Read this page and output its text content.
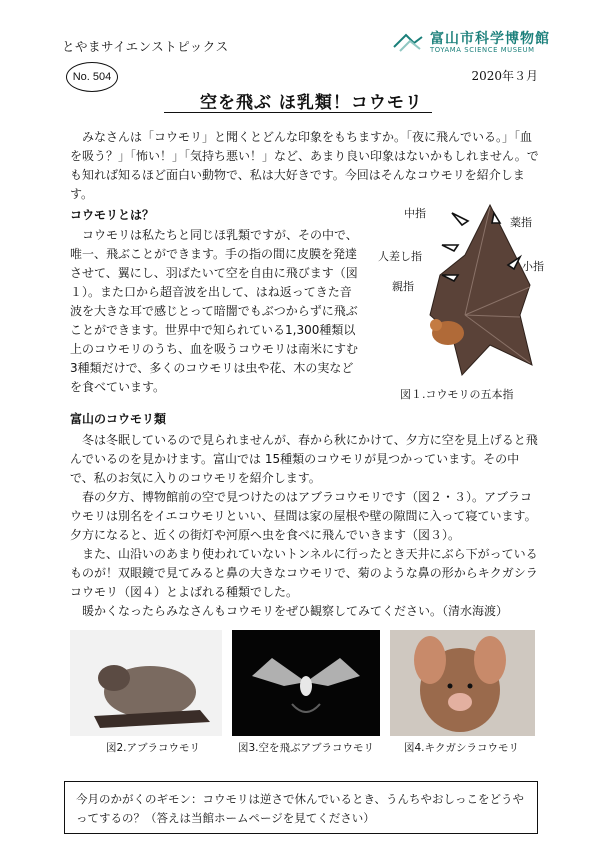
とやまサイエンストピックス	富山市科学博物館
TOYAMA SCIENCE MUSEUM
2020年３月
No. 504
空を飛ぶ ほ乳類！コウモリ
みなさんは「コウモリ」と聞くとどんな印象をもちますか。「夜に飛んでいる。」「血を吸う？」「怖い！」「気持ち悪い！」など、あまり良い印象はないかもしれません。でも知れば知るほど面白い動物で、私は大好きです。今回はそんなコウモリを紹介します。
コウモリとは？
コウモリは私たちと同じほ乳類ですが、その中で、唯一、飛ぶことができます。手の指の間に皮膜を発達させて、翼にし、羽ばたいて空を自由に飛びます（図１）。また口から超音波を出して、はね返ってきた音波を大きな耳で感じとって暗闇でもぶつからずに飛ぶことができます。世界中で知られている1,300種類以上のコウモリのうち、血を吸うコウモリは南米にすむ3種類だけで、多くのコウモリは虫や花、木の実などを食べています。
中指
薬指
人差し指
小指
親指
図１.コウモリの五本指
富山のコウモリ類
冬は冬眠しているので見られませんが、春から秋にかけて、夕方に空を見上げると飛んでいるのを見かけます。富山では 15種類のコウモリが見つかっています。その中で、私のお気に入りのコウモリを紹介します。
春の夕方、博物館前の空で見つけたのはアブラコウモリです（図２・３）。アブラコウモリは別名をイエコウモリといい、昼間は家の屋根や壁の隙間に入って寝ています。夕方になると、近くの街灯や河原へ虫を食べに飛んでいきます（図３）。
また、山沿いのあまり使われていないトンネルに行ったとき天井にぶら下がっているものが！双眼鏡で見てみると鼻の大きなコウモリで、菊のような鼻の形からキクガシラコウモリ（図４）とよばれる種類でした。
暖かくなったらみなさんもコウモリをぜひ観察してみてください。（清水海渡）
図2.アブラコウモリ	図3.空を飛ぶアブラコウモリ	図4.キクガシラコウモリ
今月のかがくのギモン：コウモリは逆さで休んでいるとき、うんちやおしっこをどうやってするの？（答えは当館ホームページを見てください）
